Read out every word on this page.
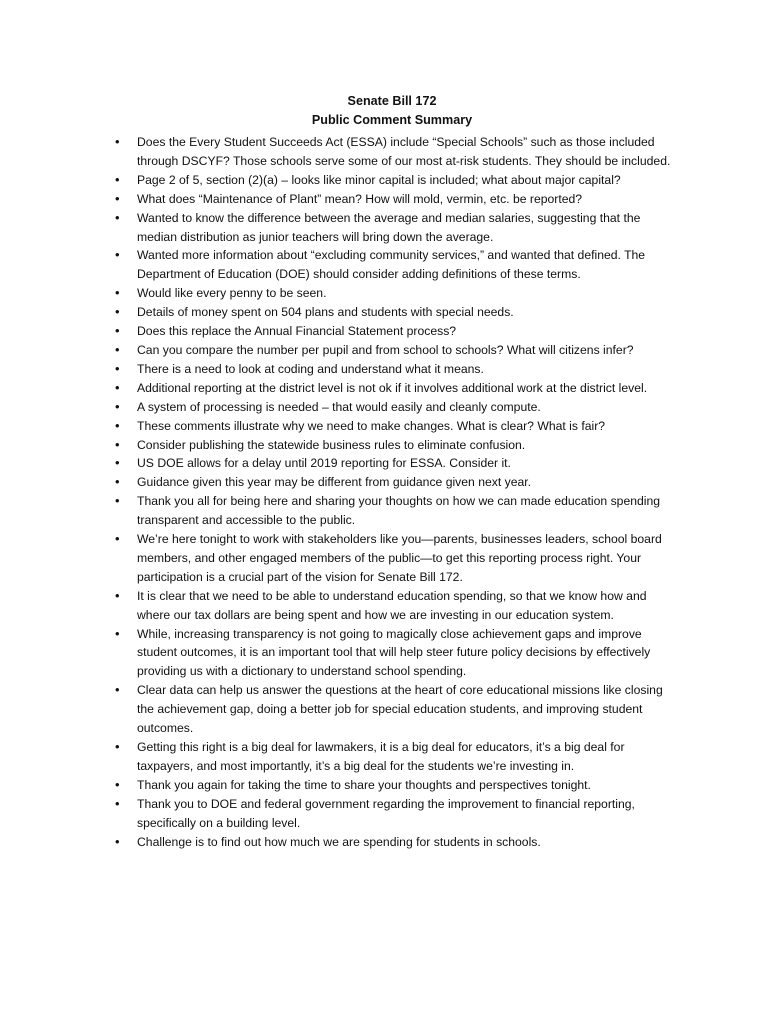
Senate Bill 172
Public Comment Summary
• Does the Every Student Succeeds Act (ESSA) include “Special Schools” such as those included through DSCYF? Those schools serve some of our most at-risk students. They should be included.
• Page 2 of 5, section (2)(a) – looks like minor capital is included; what about major capital?
• What does “Maintenance of Plant” mean? How will mold, vermin, etc. be reported?
• Wanted to know the difference between the average and median salaries, suggesting that the median distribution as junior teachers will bring down the average.
• Wanted more information about “excluding community services,” and wanted that defined. The Department of Education (DOE) should consider adding definitions of these terms.
• Would like every penny to be seen.
• Details of money spent on 504 plans and students with special needs.
• Does this replace the Annual Financial Statement process?
• Can you compare the number per pupil and from school to schools? What will citizens infer?
• There is a need to look at coding and understand what it means.
• Additional reporting at the district level is not ok if it involves additional work at the district level.
• A system of processing is needed – that would easily and cleanly compute.
• These comments illustrate why we need to make changes. What is clear? What is fair?
• Consider publishing the statewide business rules to eliminate confusion.
• US DOE allows for a delay until 2019 reporting for ESSA. Consider it.
• Guidance given this year may be different from guidance given next year.
• Thank you all for being here and sharing your thoughts on how we can made education spending transparent and accessible to the public.
• We’re here tonight to work with stakeholders like you—parents, businesses leaders, school board members, and other engaged members of the public—to get this reporting process right. Your participation is a crucial part of the vision for Senate Bill 172.
• It is clear that we need to be able to understand education spending, so that we know how and where our tax dollars are being spent and how we are investing in our education system.
• While, increasing transparency is not going to magically close achievement gaps and improve student outcomes, it is an important tool that will help steer future policy decisions by effectively providing us with a dictionary to understand school spending.
• Clear data can help us answer the questions at the heart of core educational missions like closing the achievement gap, doing a better job for special education students, and improving student outcomes.
• Getting this right is a big deal for lawmakers, it is a big deal for educators, it’s a big deal for taxpayers, and most importantly, it’s a big deal for the students we’re investing in.
• Thank you again for taking the time to share your thoughts and perspectives tonight.
• Thank you to DOE and federal government regarding the improvement to financial reporting, specifically on a building level.
• Challenge is to find out how much we are spending for students in schools.
